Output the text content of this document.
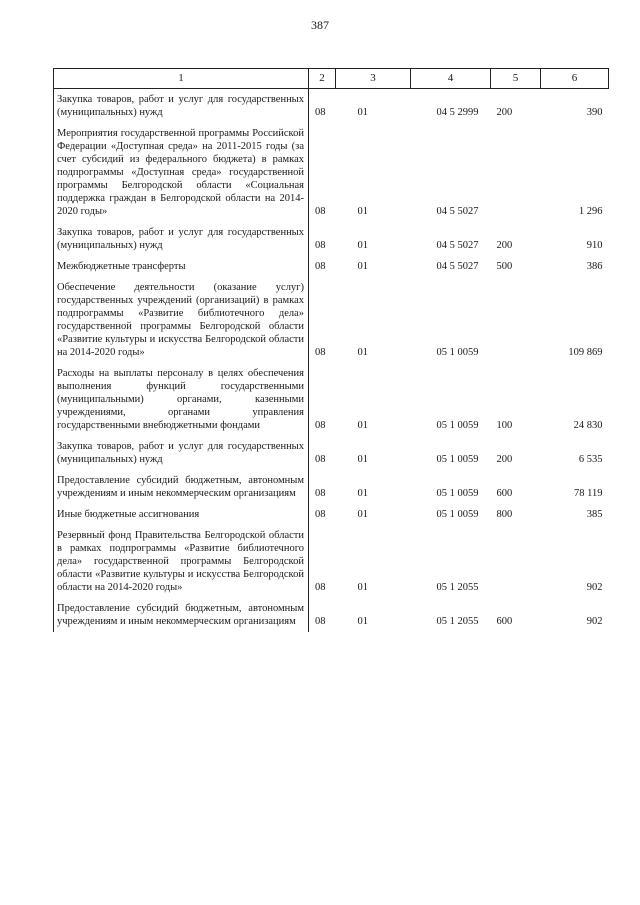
387
1	2	3	4	5	6
Закупка товаров, работ и услуг для государственных (муниципальных) нужд	08	01	04 5 2999	200	390
Мероприятия государственной программы Российской Федерации «Доступная среда» на 2011-2015 годы (за счет субсидий из федерального бюджета) в рамках подпрограммы «Доступная среда» государственной программы Белгородской области «Социальная поддержка граждан в Белгородской области на 2014-2020 годы»	08	01	04 5 5027		1 296
Закупка товаров, работ и услуг для государственных (муниципальных) нужд	08	01	04 5 5027	200	910
Межбюджетные трансферты	08	01	04 5 5027	500	386
Обеспечение деятельности (оказание услуг) государственных учреждений (организаций) в рамках подпрограммы «Развитие библиотечного дела» государственной программы Белгородской области «Развитие культуры и искусства Белгородской области на 2014-2020 годы»	08	01	05 1 0059		109 869
Расходы на выплаты персоналу в целях обеспечения выполнения функций государственными (муниципальными) органами, казенными учреждениями, органами управления государственными внебюджетными фондами	08	01	05 1 0059	100	24 830
Закупка товаров, работ и услуг для государственных (муниципальных) нужд	08	01	05 1 0059	200	6 535
Предоставление субсидий бюджетным, автономным учреждениям и иным некоммерческим организациям	08	01	05 1 0059	600	78 119
Иные бюджетные ассигнования	08	01	05 1 0059	800	385
Резервный фонд Правительства Белгородской области в рамках подпрограммы «Развитие библиотечного дела» государственной программы Белгородской области «Развитие культуры и искусства Белгородской области на 2014-2020 годы»	08	01	05 1 2055		902
Предоставление субсидий бюджетным, автономным учреждениям и иным некоммерческим организациям	08	01	05 1 2055	600	902
